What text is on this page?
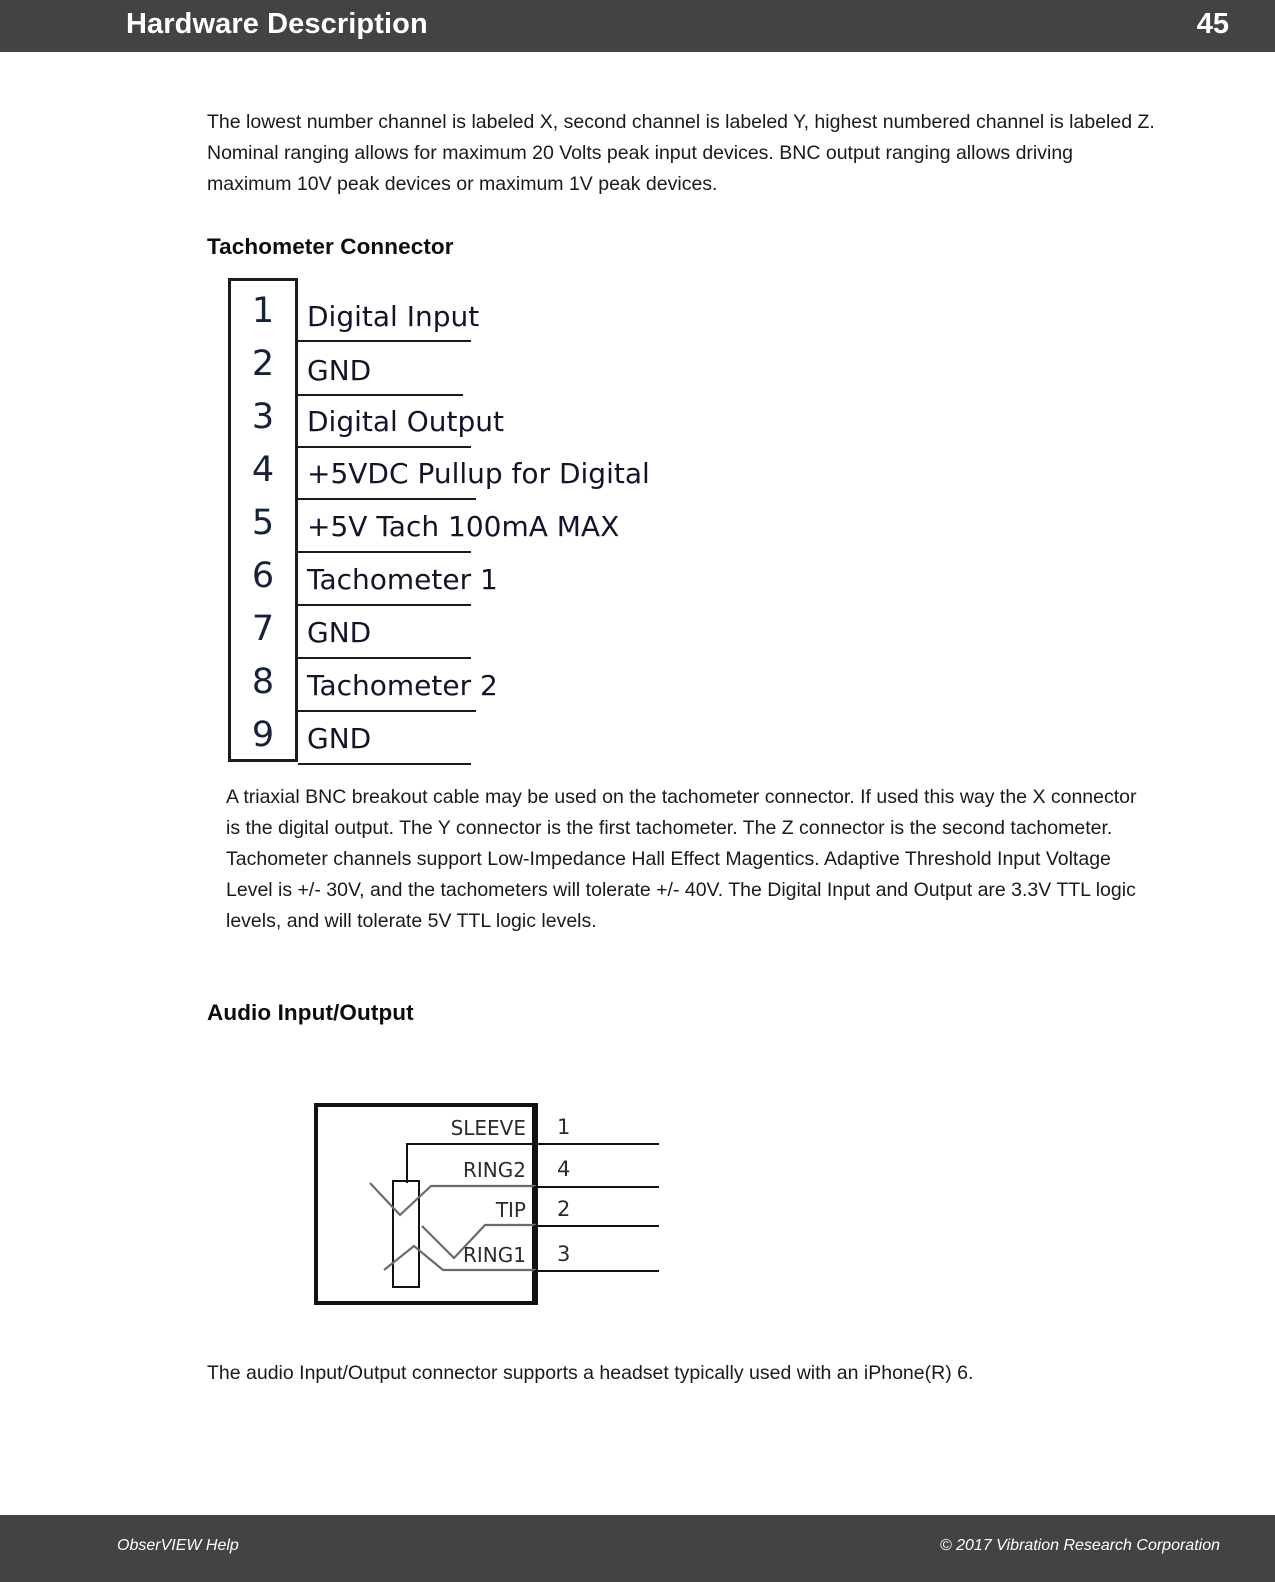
Hardware Description	45
The lowest number channel is labeled X, second channel is labeled Y, highest numbered channel is labeled Z. Nominal ranging allows for maximum 20 Volts peak input devices. BNC output ranging allows driving maximum 10V peak devices or maximum 1V peak devices.
Tachometer Connector
1
2
3
4
5
6
7
8
9
Digital Input
GND
Digital Output
+5VDC Pullup for Digital
+5V Tach 100mA MAX
Tachometer 1
GND
Tachometer 2
GND
A triaxial BNC breakout cable may be used on the tachometer connector. If used this way the X connector is the digital output. The Y connector is the first tachometer. The Z connector is the second tachometer. Tachometer channels support Low-Impedance Hall Effect Magentics. Adaptive Threshold Input Voltage Level is +/- 30V, and the tachometers will tolerate +/- 40V. The Digital Input and Output are 3.3V TTL logic levels, and will tolerate 5V TTL logic levels.
Audio Input/Output
SLEEVE
RING2
TIP
RING1
1
4
2
3
The audio Input/Output connector supports a headset typically used with an iPhone(R) 6.
ObserVIEW Help	© 2017 Vibration Research Corporation
